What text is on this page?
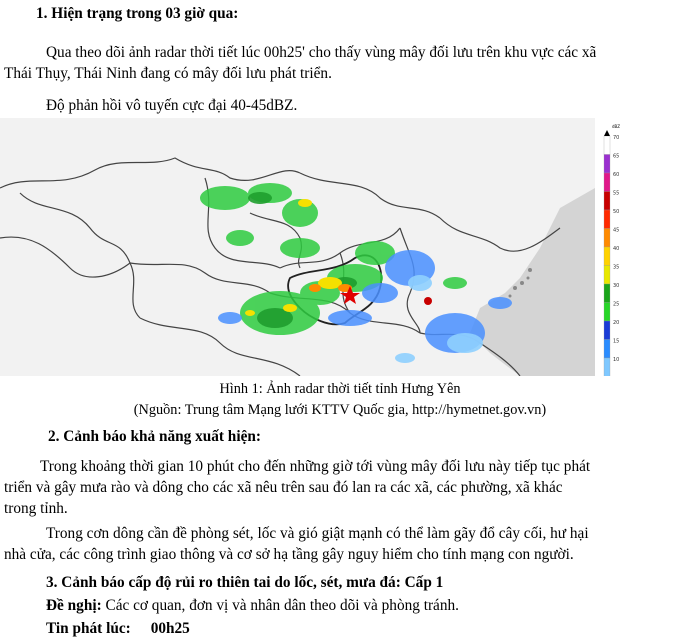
1. Hiện trạng trong 03 giờ qua:
Qua theo dõi ảnh radar thời tiết lúc 00h25' cho thấy vùng mây đối lưu trên khu vực các xã
Thái Thụy, Thái Ninh đang có mây đối lưu phát triển.
Độ phản hồi vô tuyến cực đại 40-45dBZ.
dBZ
70
65
60
55
50
45
40
35
30
25
20
15
10
Hình 1: Ảnh radar thời tiết tỉnh Hưng Yên
(Nguồn: Trung tâm Mạng lưới KTTV Quốc gia, http://hymetnet.gov.vn)
2. Cảnh báo khả năng xuất hiện:
Trong khoảng thời gian 10 phút cho đến những giờ tới vùng mây đối lưu này tiếp tục phát
triển và gây mưa rào và dông cho các xã nêu trên sau đó lan ra các xã, các phường, xã khác
trong tỉnh.
Trong cơn dông cần đề phòng sét, lốc và gió giật mạnh có thể làm gãy đổ cây cối, hư hại
nhà cửa, các công trình giao thông và cơ sở hạ tầng gây nguy hiểm cho tính mạng con người.
3. Cảnh báo cấp độ rủi ro thiên tai do lốc, sét, mưa đá: Cấp 1
Đề nghị: Các cơ quan, đơn vị và nhân dân theo dõi và phòng tránh.
Tin phát lúc: 00h25
